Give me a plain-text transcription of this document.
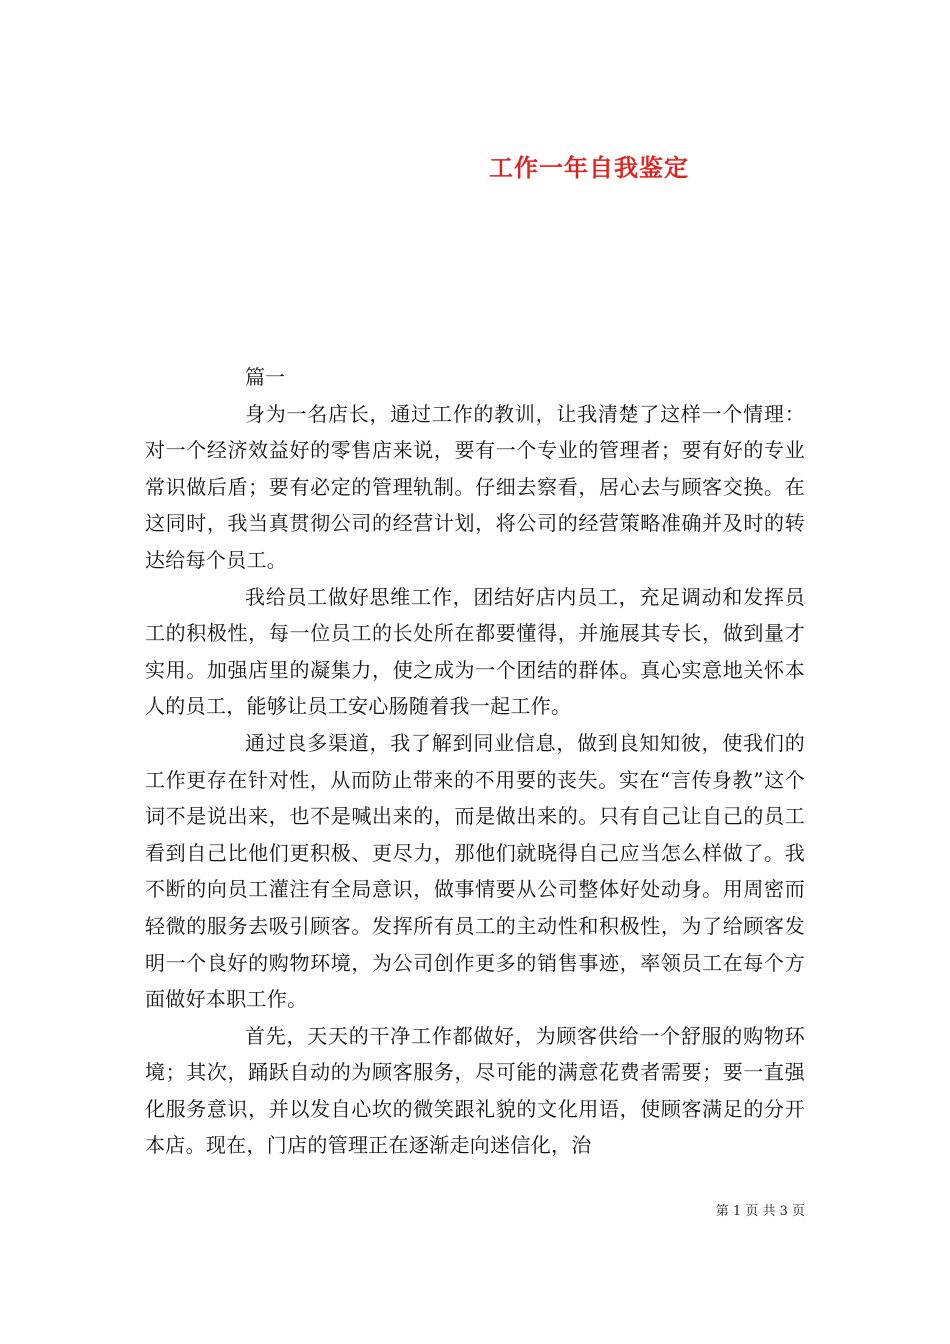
工作一年自我鉴定

篇一

身为一名店长，通过工作的教训，让我清楚了这样一个情理：对一个经济效益好的零售店来说，要有一个专业的管理者；要有好的专业常识做后盾；要有必定的管理轨制。仔细去察看，居心去与顾客交换。在这同时，我当真贯彻公司的经营计划，将公司的经营策略准确并及时的转达给每个员工。

我给员工做好思维工作，团结好店内员工，充足调动和发挥员工的积极性，每一位员工的长处所在都要懂得，并施展其专长，做到量才实用。加强店里的凝集力，使之成为一个团结的群体。真心实意地关怀本人的员工，能够让员工安心肠随着我一起工作。

通过良多渠道，我了解到同业信息，做到良知知彼，使我们的工作更存在针对性，从而防止带来的不用要的丧失。实在“言传身教”这个词不是说出来，也不是喊出来的，而是做出来的。只有自己让自己的员工看到自己比他们更积极、更尽力，那他们就晓得自己应当怎么样做了。我不断的向员工灌注有全局意识，做事情要从公司整体好处动身。用周密而轻微的服务去吸引顾客。发挥所有员工的主动性和积极性，为了给顾客发明一个良好的购物环境，为公司创作更多的销售事迹，率领员工在每个方面做好本职工作。

首先，天天的干净工作都做好，为顾客供给一个舒服的购物环境；其次，踊跃自动的为顾客服务，尽可能的满意花费者需要；要一直强化服务意识，并以发自心坎的微笑跟礼貌的文化用语，使顾客满足的分开本店。现在，门店的管理正在逐渐走向迷信化，治

第 1 页 共 3 页
